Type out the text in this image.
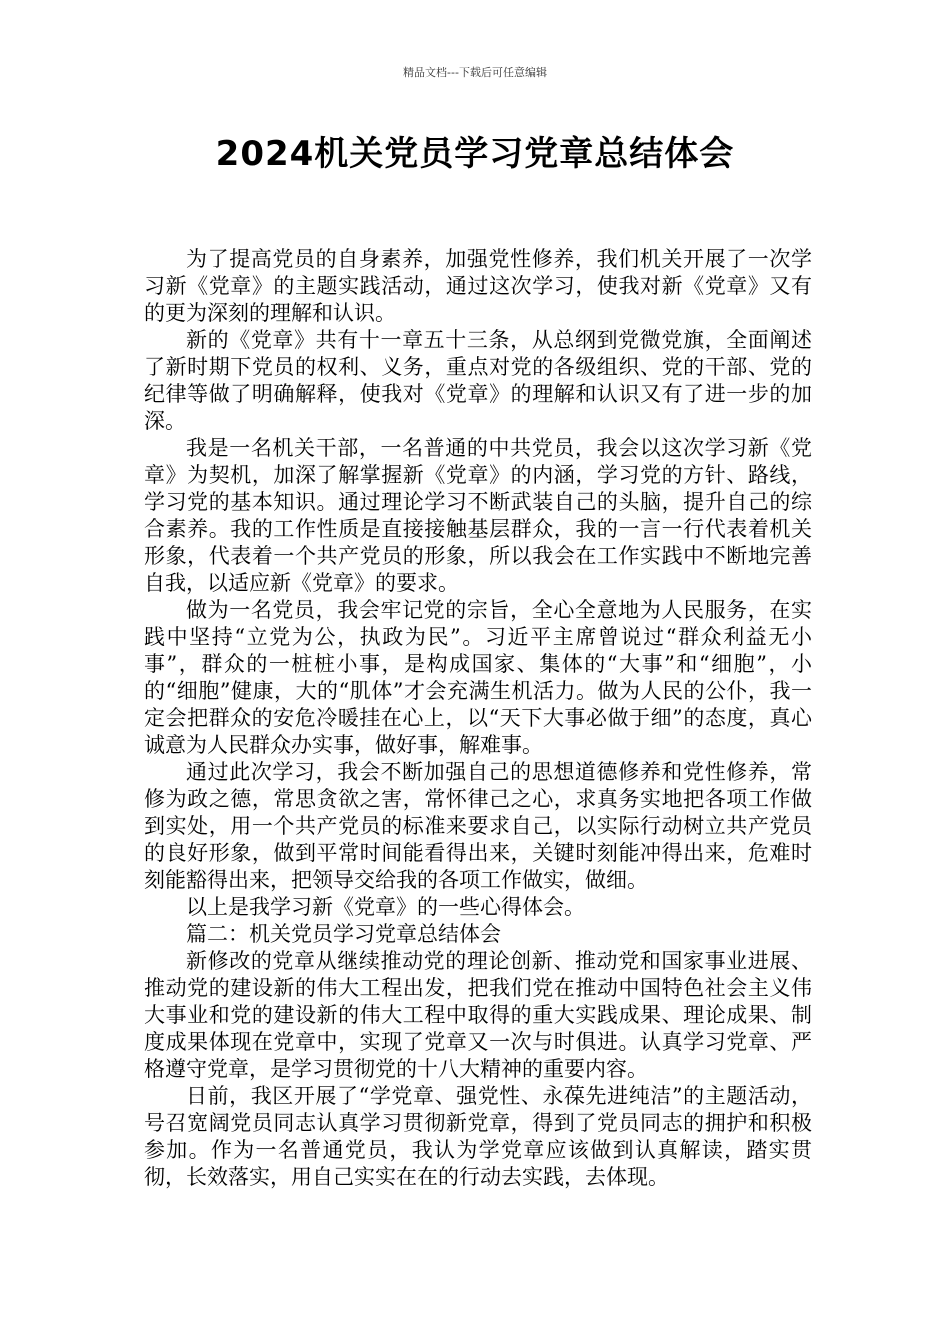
精品文档---下载后可任意编辑
2024机关党员学习党章总结体会

为了提高党员的自身素养，加强党性修养，我们机关开展了一次学习新《党章》的主题实践活动，通过这次学习，使我对新《党章》又有的更为深刻的理解和认识。

新的《党章》共有十一章五十三条，从总纲到党微党旗，全面阐述了新时期下党员的权利、义务，重点对党的各级组织、党的干部、党的纪律等做了明确解释，使我对《党章》的理解和认识又有了进一步的加深。

我是一名机关干部，一名普通的中共党员，我会以这次学习新《党章》为契机，加深了解掌握新《党章》的内涵，学习党的方针、路线，学习党的基本知识。通过理论学习不断武装自己的头脑，提升自己的综合素养。我的工作性质是直接接触基层群众，我的一言一行代表着机关形象，代表着一个共产党员的形象，所以我会在工作实践中不断地完善自我，以适应新《党章》的要求。

做为一名党员，我会牢记党的宗旨，全心全意地为人民服务，在实践中坚持“立党为公，执政为民”。习近平主席曾说过“群众利益无小事”，群众的一桩桩小事，是构成国家、集体的“大事”和“细胞”，小的“细胞”健康，大的“肌体”才会充满生机活力。做为人民的公仆，我一定会把群众的安危冷暖挂在心上，以“天下大事必做于细”的态度，真心诚意为人民群众办实事，做好事，解难事。

通过此次学习，我会不断加强自己的思想道德修养和党性修养，常修为政之德，常思贪欲之害，常怀律己之心，求真务实地把各项工作做到实处，用一个共产党员的标准来要求自己，以实际行动树立共产党员的良好形象，做到平常时间能看得出来，关键时刻能冲得出来，危难时刻能豁得出来，把领导交给我的各项工作做实，做细。

以上是我学习新《党章》的一些心得体会。

篇二：机关党员学习党章总结体会

新修改的党章从继续推动党的理论创新、推动党和国家事业进展、推动党的建设新的伟大工程出发，把我们党在推动中国特色社会主义伟大事业和党的建设新的伟大工程中取得的重大实践成果、理论成果、制度成果体现在党章中，实现了党章又一次与时俱进。认真学习党章、严格遵守党章，是学习贯彻党的十八大精神的重要内容。

日前，我区开展了“学党章、强党性、永葆先进纯洁”的主题活动，号召宽阔党员同志认真学习贯彻新党章，得到了党员同志的拥护和积极参加。作为一名普通党员，我认为学党章应该做到认真解读，踏实贯彻，长效落实，用自己实实在在的行动去实践，去体现。
